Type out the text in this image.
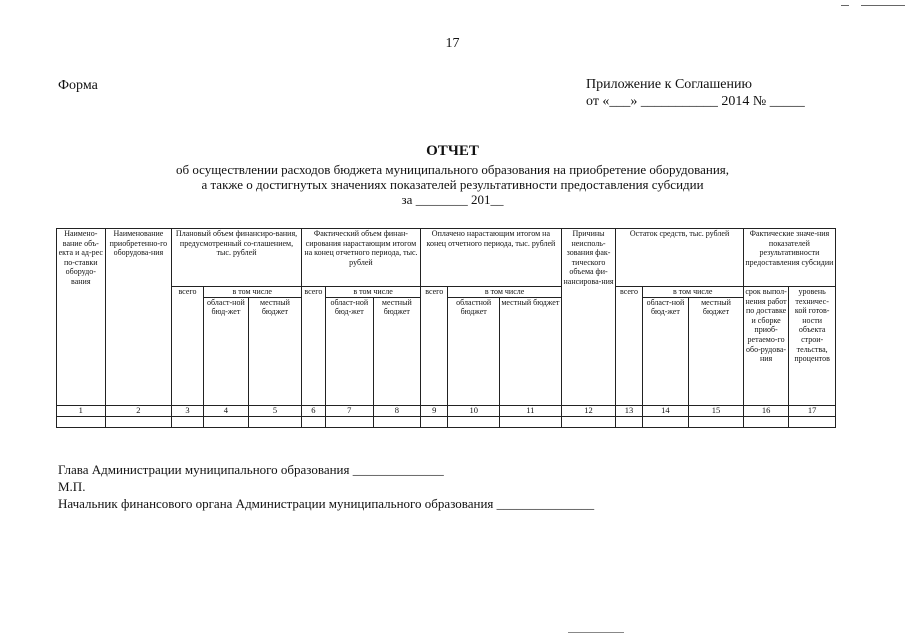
17
Форма	Приложение к Соглашению
от «___» ___________ 2014 № _____
ОТЧЕТ
об осуществлении расходов бюджета муниципального образования на приобретение оборудования,
а также о достигнутых значениях показателей результативности предоставления субсидии
за ________ 201__
Наимено-вание объ-екта и ад-рес по-ставки оборудо-вания	Наименование приобретенно-го оборудова-ния	Плановый объем финансиро-вания, предусмотренный со-глашением, тыс. рублей			Фактический объем финан-сирования нарастающим итогом на конец отчетного периода, тыс. рублей			Оплачено нарастающим итогом на конец отчетного периода, тыс. рублей			Причины неисполь-зования фак-тического объема фи-нансирова-ния	Остаток средств, тыс. рублей			Фактические значе-ния показателей результативности предоставления субсидии	
		всего	в том числе		всего	в том числе		всего	в том числе			всего	в том числе		срок выпол-нения работ по доставке и сборке приоб-ретаемо-го обо-рудова-ния	уровень техничес-кой готов-ности объекта строи-тельства, процентов
			област-ной бюд-жет	местный бюджет		област-ной бюд-жет	местный бюджет		областной бюджет	местный бюджет			област-ной бюд-жет	местный бюджет		
1	2	3	4	5	6	7	8	9	10	11	12	13	14	15	16	17

Глава Администрации муниципального образования ______________
М.П.
Начальник финансового органа Администрации муниципального образования _______________
